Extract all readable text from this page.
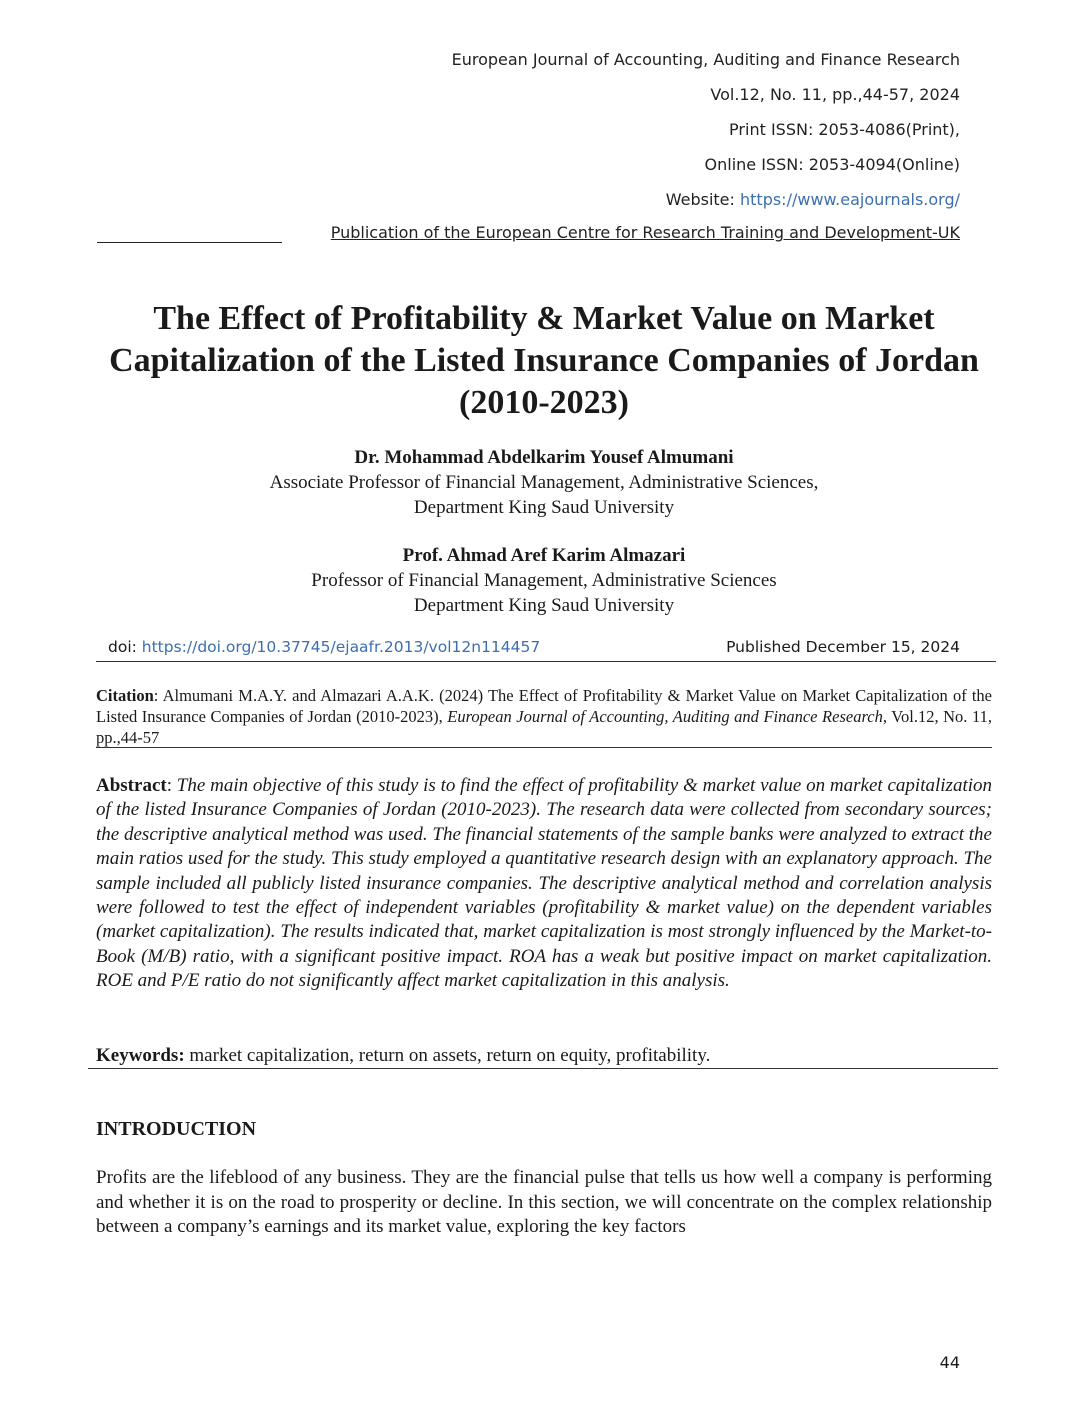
European Journal of Accounting, Auditing and Finance Research
Vol.12, No. 11, pp.,44-57, 2024
Print ISSN: 2053-4086(Print),
Online ISSN: 2053-4094(Online)
Website: https://www.eajournals.org/
Publication of the European Centre for Research Training and Development-UK
The Effect of Profitability & Market Value on Market Capitalization of the Listed Insurance Companies of Jordan (2010-2023)
Dr. Mohammad Abdelkarim Yousef Almumani
Associate Professor of Financial Management, Administrative Sciences,
Department King Saud University
Prof. Ahmad Aref Karim Almazari
Professor of Financial Management, Administrative Sciences
Department King Saud University
doi: https://doi.org/10.37745/ejaafr.2013/vol12n114457	Published December 15, 2024
Citation: Almumani M.A.Y. and Almazari A.A.K. (2024) The Effect of Profitability & Market Value on Market Capitalization of the Listed Insurance Companies of Jordan (2010-2023), European Journal of Accounting, Auditing and Finance Research, Vol.12, No. 11, pp.,44-57
Abstract: The main objective of this study is to find the effect of profitability & market value on market capitalization of the listed Insurance Companies of Jordan (2010-2023). The research data were collected from secondary sources; the descriptive analytical method was used. The financial statements of the sample banks were analyzed to extract the main ratios used for the study. This study employed a quantitative research design with an explanatory approach. The sample included all publicly listed insurance companies. The descriptive analytical method and correlation analysis were followed to test the effect of independent variables (profitability & market value) on the dependent variables (market capitalization). The results indicated that, market capitalization is most strongly influenced by the Market-to-Book (M/B) ratio, with a significant positive impact. ROA has a weak but positive impact on market capitalization. ROE and P/E ratio do not significantly affect market capitalization in this analysis.
Keywords: market capitalization, return on assets, return on equity, profitability.
INTRODUCTION

Profits are the lifeblood of any business. They are the financial pulse that tells us how well a company is performing and whether it is on the road to prosperity or decline. In this section, we will concentrate on the complex relationship between a company’s earnings and its market value, exploring the key factors

44
